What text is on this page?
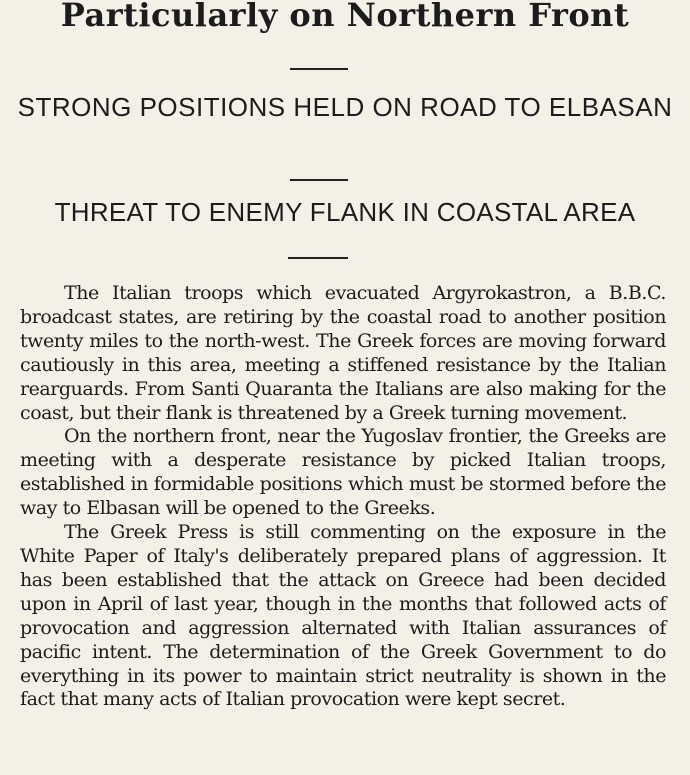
Particularly on Northern Front
STRONG POSITIONS HELD ON ROAD TO ELBASAN
THREAT TO ENEMY FLANK IN COASTAL AREA

The Italian troops which evacuated Argyrokastron, a B.B.C. broadcast states, are retiring by the coastal road to another position twenty miles to the north-west. The Greek forces are moving forward cautiously in this area, meeting a stiffened resistance by the Italian rearguards. From Santi Quaranta the Italians are also making for the coast, but their flank is threatened by a Greek turning movement.

On the northern front, near the Yugoslav frontier, the Greeks are meeting with a desperate resistance by picked Italian troops, established in formidable positions which must be stormed before the way to Elbasan will be opened to the Greeks.

The Greek Press is still commenting on the exposure in the White Paper of Italy's deliberately prepared plans of aggression. It has been established that the attack on Greece had been decided upon in April of last year, though in the months that followed acts of provocation and aggression alternated with Italian assurances of pacific intent. The determination of the Greek Government to do everything in its power to maintain strict neutrality is shown in the fact that many acts of Italian provocation were kept secret.
